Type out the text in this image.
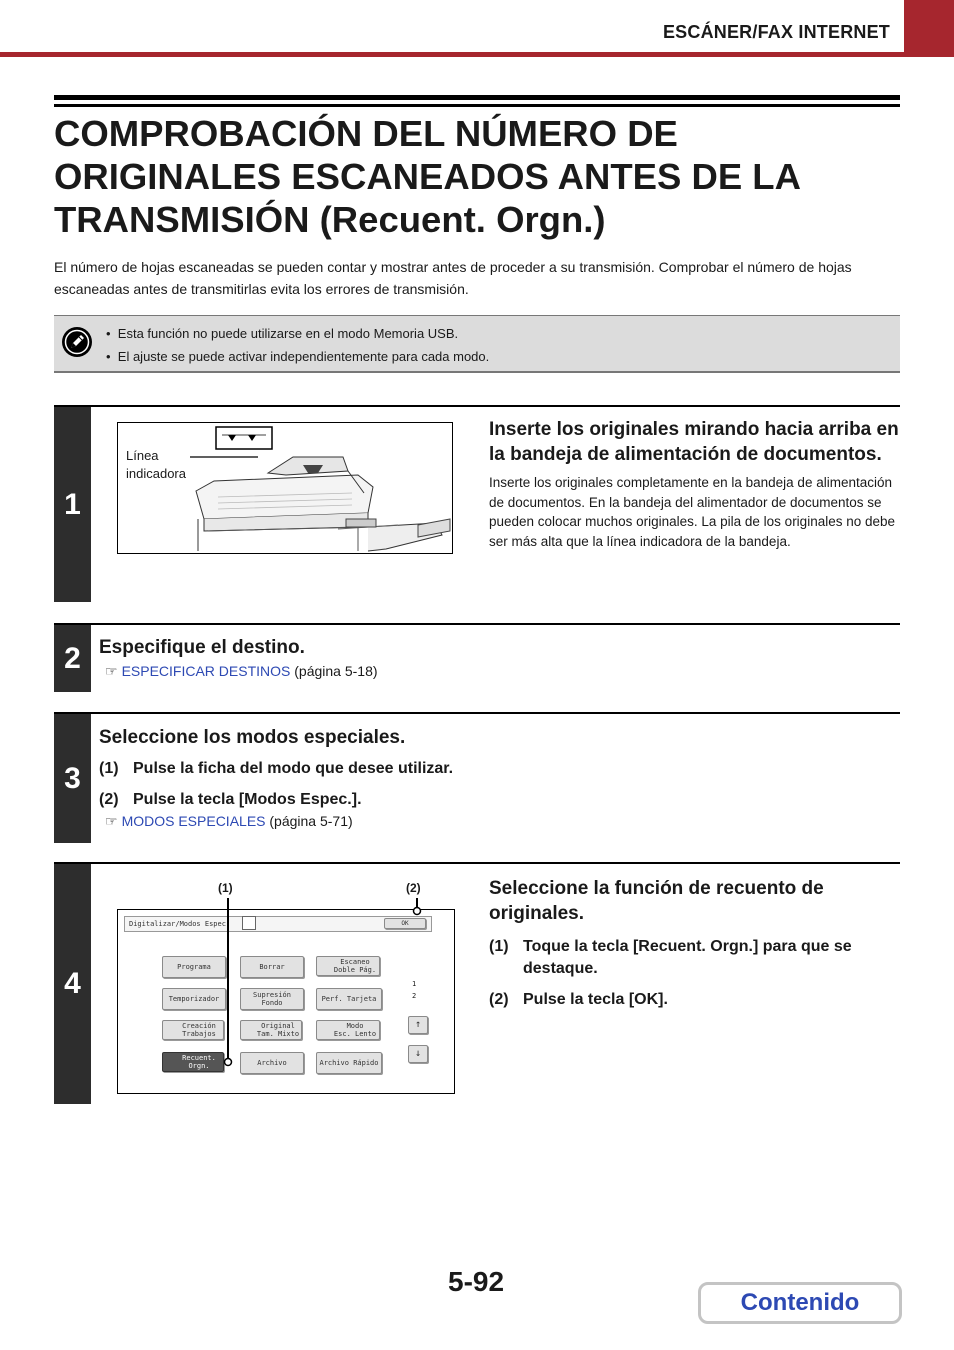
ESCÁNER/FAX INTERNET
COMPROBACIÓN DEL NÚMERO DE ORIGINALES ESCANEADOS ANTES DE LA TRANSMISIÓN (Recuent. Orgn.)

El número de hojas escaneadas se pueden contar y mostrar antes de proceder a su transmisión. Comprobar el número de hojas escaneadas antes de transmitirlas evita los errores de transmisión.

•  Esta función no puede utilizarse en el modo Memoria USB.
•  El ajuste se puede activar independientemente para cada modo.
1
Línea
indicadora

Inserte los originales mirando hacia arriba en la bandeja de alimentación de documentos.

Inserte los originales completamente en la bandeja de alimentación de documentos. En la bandeja del alimentador de documentos se pueden colocar muchos originales. La pila de los originales no debe ser más alta que la línea indicadora de la bandeja.

2 Especifique el destino.

☞ ESPECIFICAR DESTINOS (página 5-18)
3

Seleccione los modos especiales.

(1) Pulse la ficha del modo que desee utilizar.
(2) Pulse la tecla [Modos Espec.].
☞ MODOS ESPECIALES (página 5-71)
4
(1)	(2)
Digitalizar/Modos Espec	OK
Programa	Borrar
Escaneo
Doble Pág.
Temporizador	Supresión
Fondo	Perf. Tarjeta
Creación
Trabajos
Original
Tam. Mixto
Modo
Esc. Lento
Recuent.
Orgn.	Archivo	Archivo Rápido
1
2
↑
↓

Seleccione la función de recuento de originales.

(1) Toque la tecla [Recuent. Orgn.] para que se destaque.
(2) Pulse la tecla [OK].
5-92
Contenido
